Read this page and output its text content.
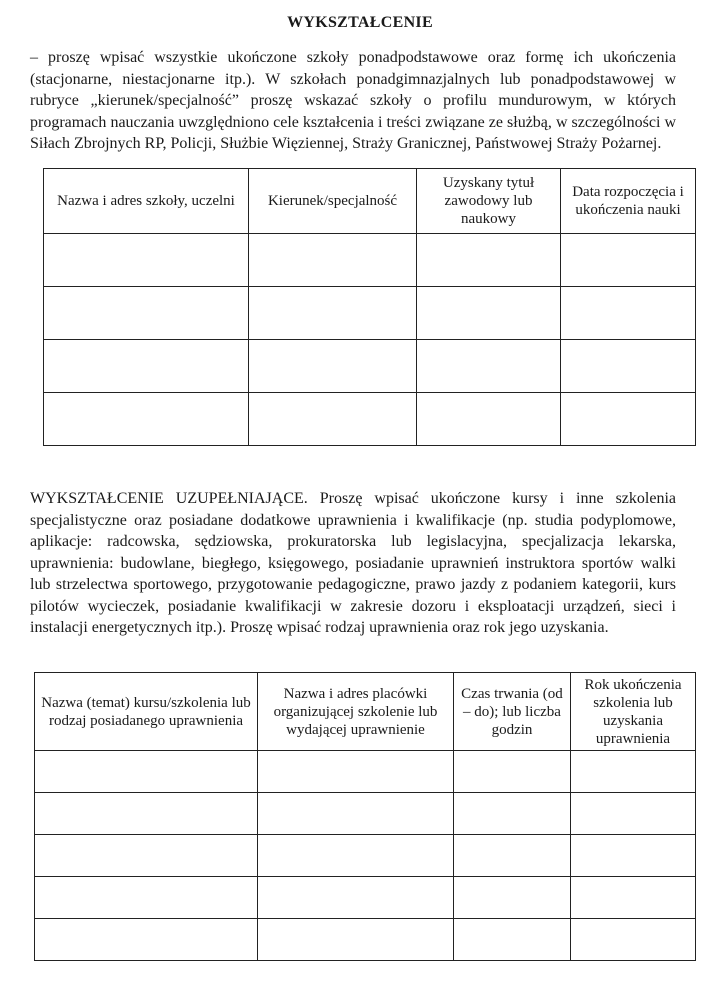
WYKSZTAŁCENIE

– proszę wpisać wszystkie ukończone szkoły ponadpodstawowe oraz formę ich ukończenia (stacjonarne, niestacjonarne itp.). W szkołach ponadgimnazjalnych lub ponadpodstawowej w rubryce „kierunek/specjalność” proszę wskazać szkoły o profilu mundurowym, w których programach nauczania uwzględniono cele kształcenia i treści związane ze służbą, w szczególności w Siłach Zbrojnych RP, Policji, Służbie Więziennej, Straży Granicznej, Państwowej Straży Pożarnej.

Nazwa i adres szkoły, uczelni	Kierunek/specjalność	Uzyskany tytuł zawodowy lub naukowy	Data rozpoczęcia i ukończenia nauki

WYKSZTAŁCENIE UZUPEŁNIAJĄCE. Proszę wpisać ukończone kursy i inne szkolenia specjalistyczne oraz posiadane dodatkowe uprawnienia i kwalifikacje (np. studia podyplomowe, aplikacje: radcowska, sędziowska, prokuratorska lub legislacyjna, specjalizacja lekarska, uprawnienia: budowlane, biegłego, księgowego, posiadanie uprawnień instruktora sportów walki lub strzelectwa sportowego, przygotowanie pedagogiczne, prawo jazdy z podaniem kategorii, kurs pilotów wycieczek, posiadanie kwalifikacji w zakresie dozoru i eksploatacji urządzeń, sieci i instalacji energetycznych itp.). Proszę wpisać rodzaj uprawnienia oraz rok jego uzyskania.

Nazwa (temat) kursu/szkolenia lub rodzaj posiadanego uprawnienia	Nazwa i adres placówki organizującej szkolenie lub wydającej uprawnienie	Czas trwania (od – do); lub liczba godzin	Rok ukończenia szkolenia lub uzyskania uprawnienia
